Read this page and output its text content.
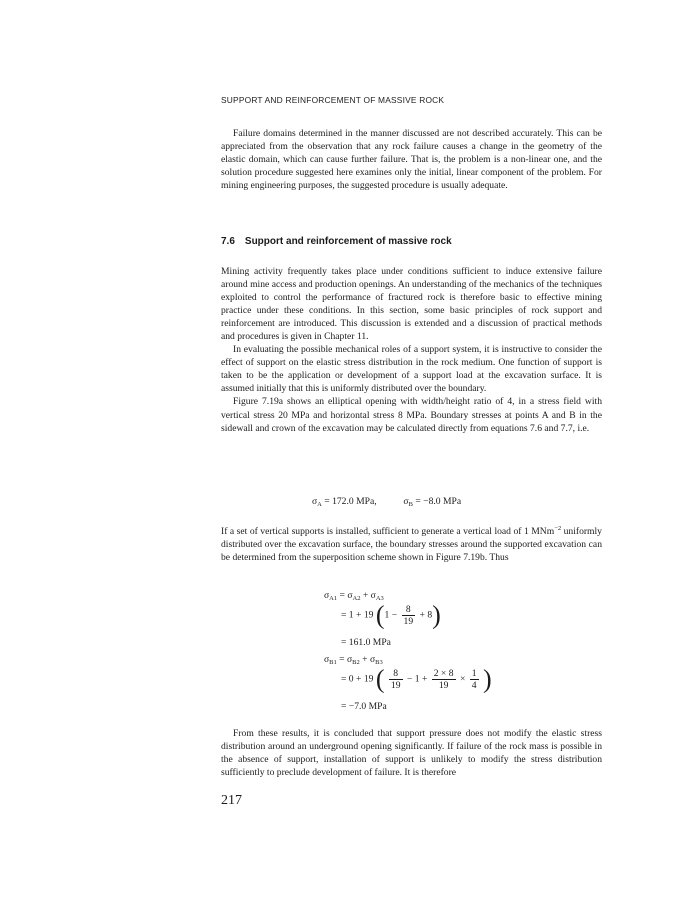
SUPPORT AND REINFORCEMENT OF MASSIVE ROCK

Failure domains determined in the manner discussed are not described accurately. This can be appreciated from the observation that any rock failure causes a change in the geometry of the elastic domain, which can cause further failure. That is, the problem is a non-linear one, and the solution procedure suggested here examines only the initial, linear component of the problem. For mining engineering purposes, the suggested procedure is usually adequate.

7.6 Support and reinforcement of massive rock

Mining activity frequently takes place under conditions sufficient to induce extensive failure around mine access and production openings. An understanding of the mechanics of the techniques exploited to control the performance of fractured rock is therefore basic to effective mining practice under these conditions. In this section, some basic principles of rock support and reinforcement are introduced. This discussion is extended and a discussion of practical methods and procedures is given in Chapter 11.

In evaluating the possible mechanical roles of a support system, it is instructive to consider the effect of support on the elastic stress distribution in the rock medium. One function of support is taken to be the application or development of a support load at the excavation surface. It is assumed initially that this is uniformly distributed over the boundary.

Figure 7.19a shows an elliptical opening with width/height ratio of 4, in a stress field with vertical stress 20 MPa and horizontal stress 8 MPa. Boundary stresses at points A and B in the sidewall and crown of the excavation may be calculated directly from equations 7.6 and 7.7, i.e.

$\sigma_A = 172.0$ MPa,	$\sigma_B = -8.0$ MPa

If a set of vertical supports is installed, sufficient to generate a vertical load of 1 MNm$^{-2}$ uniformly distributed over the excavation surface, the boundary stresses around the supported excavation can be determined from the superposition scheme shown in Figure 7.19b. Thus

$\sigma_{A1} = \sigma_{A2} + \sigma_{A3}$
= 1 + 19 $(1 - \frac{8}{19} + 8)$
= 161.0 MPa
$\sigma_{B1} = \sigma_{B2} + \sigma_{B3}$
= 0 + 19 ( $\frac{8}{19} - 1 + \frac{2 \times 8}{19} \times \frac{1}{4}$ )
= −7.0 MPa

From these results, it is concluded that support pressure does not modify the elastic stress distribution around an underground opening significantly. If failure of the rock mass is possible in the absence of support, installation of support is unlikely to modify the stress distribution sufficiently to preclude development of failure. It is therefore

217
